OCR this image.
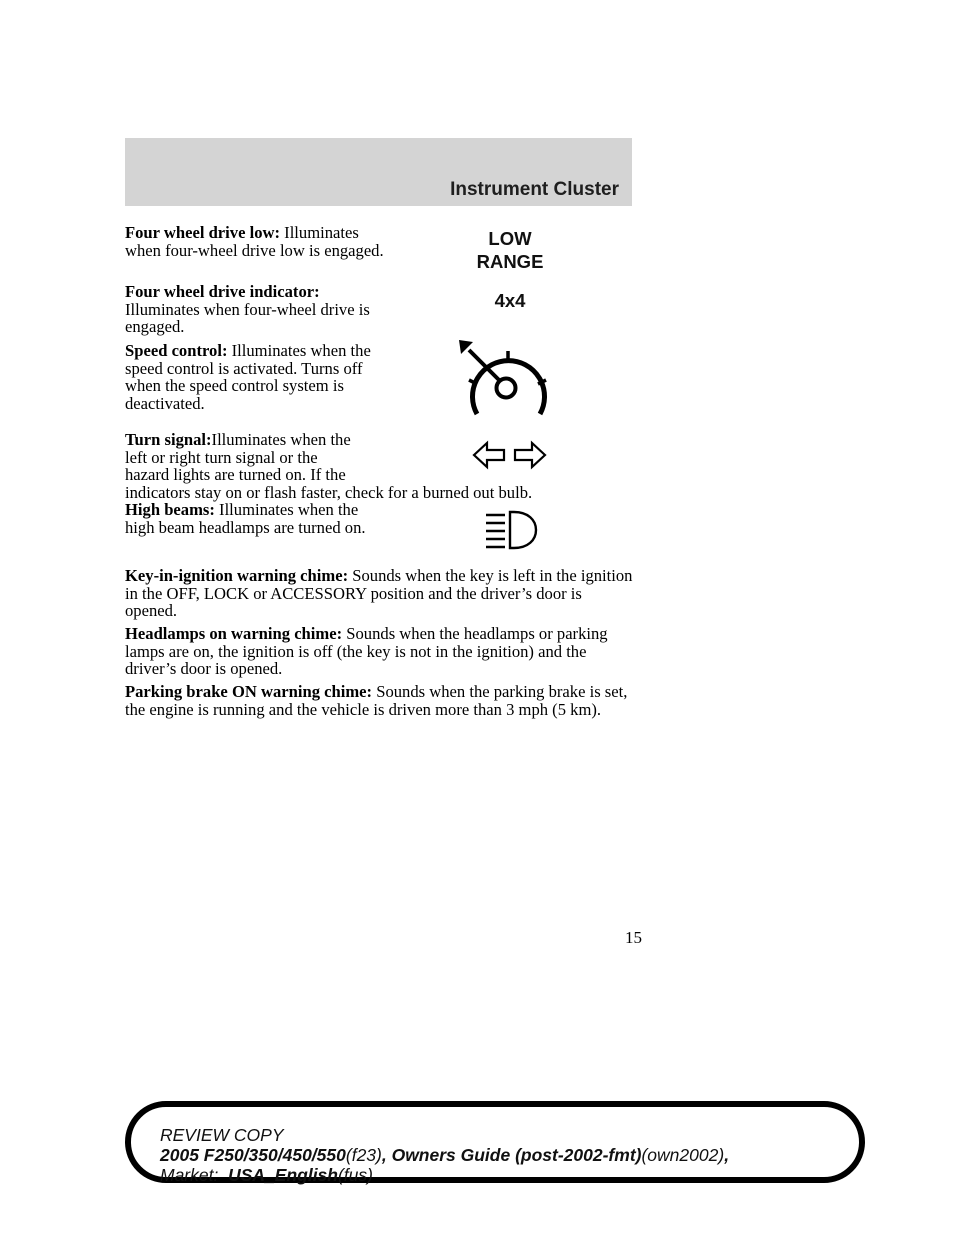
Instrument Cluster
Four wheel drive low: Illuminates when four-wheel drive low is engaged.
LOW
RANGE
Four wheel drive indicator: Illuminates when four-wheel drive is engaged.
4x4
Speed control: Illuminates when the speed control is activated. Turns off when the speed control system is deactivated.
Turn signal:Illuminates when the
left or right turn signal or the
hazard lights are turned on. If the
indicators stay on or flash faster, check for a burned out bulb.
High beams: Illuminates when the high beam headlamps are turned on.
Key-in-ignition warning chime: Sounds when the key is left in the ignition in the OFF, LOCK or ACCESSORY position and the driver’s door is opened.
Headlamps on warning chime: Sounds when the headlamps or parking lamps are on, the ignition is off (the key is not in the ignition) and the driver’s door is opened.
Parking brake ON warning chime: Sounds when the parking brake is set, the engine is running and the vehicle is driven more than 3 mph (5 km).
15
REVIEW COPY
2005 F250/350/450/550(f23), Owners Guide (post-2002-fmt)(own2002),
Market: USA_English(fus)
